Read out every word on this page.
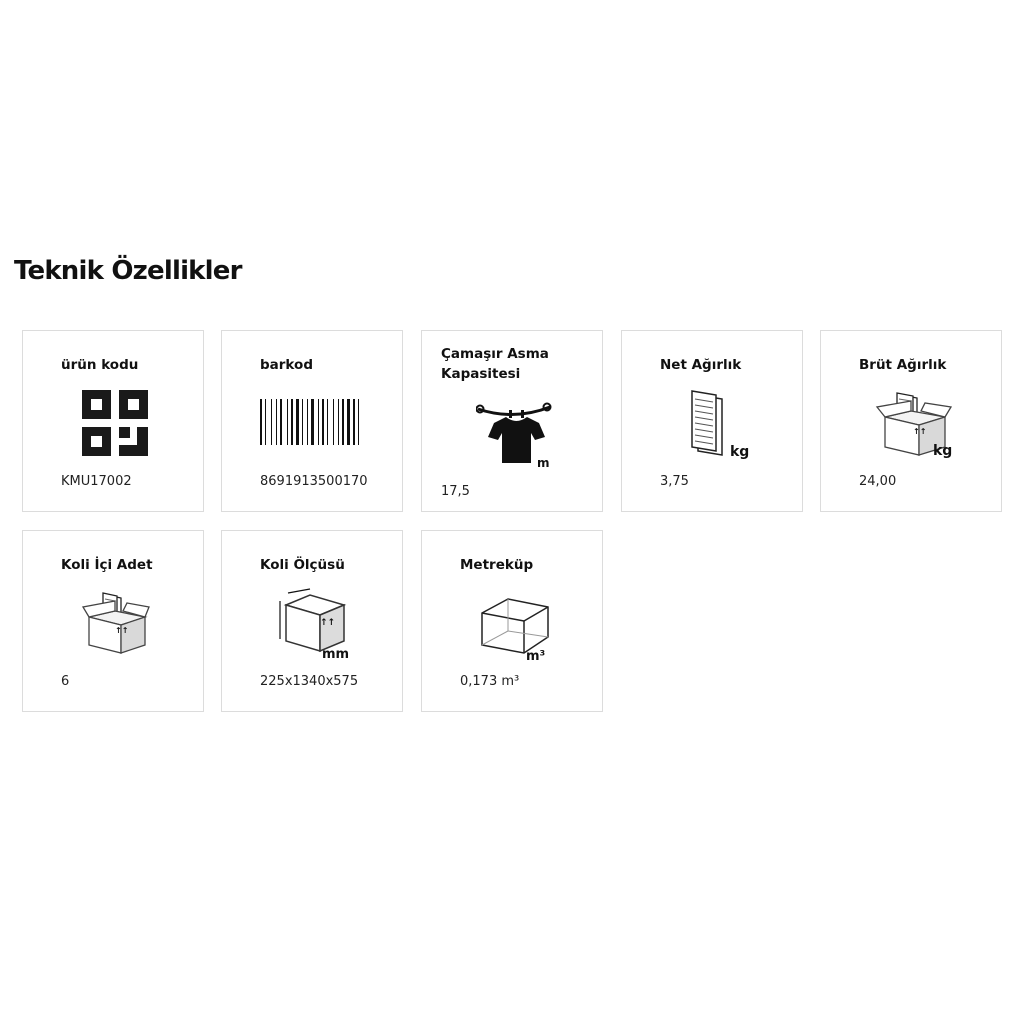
Teknik Özellikler
ürün kodu
KMU17002
barkod
8691913500170
Çamaşır Asma Kapasitesi
m
17,5
Net Ağırlık
kg
3,75
Brüt Ağırlık
↑↑
kg
24,00
Koli İçi Adet
↑↑
6
Koli Ölçüsü
↑↑
mm
225x1340x575
Metreküp
m³
0,173 m³
